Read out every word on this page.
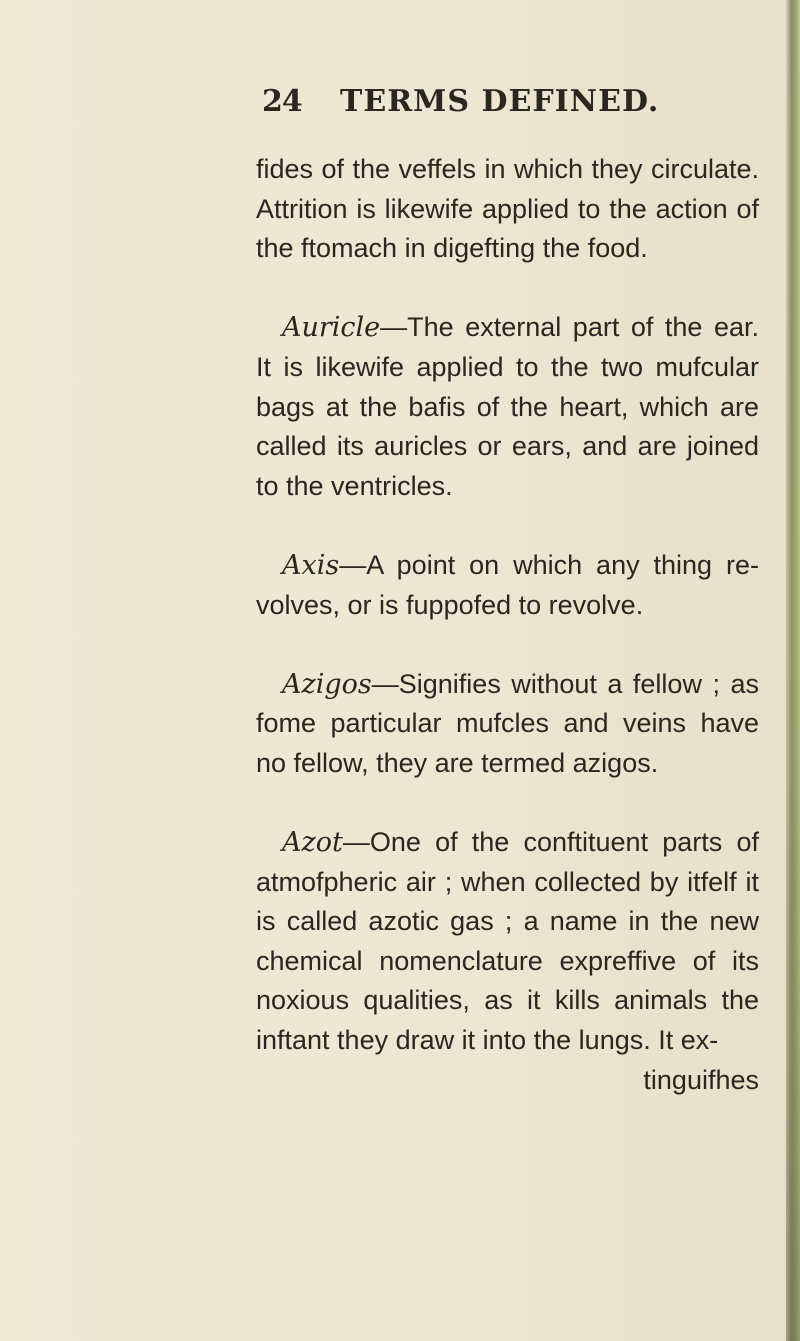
24	TERMS DEFINED.

fides of the veffels in which they circulate. Attrition is likewife applied to the action of the ftomach in digefting the food.

Auricle—The external part of the ear. It is likewife applied to the two mufcular bags at the bafis of the heart, which are called its auricles or ears, and are joined to the ventricles.

Axis—A point on which any thing re-volves, or is fuppofed to revolve.

Azigos—Signifies without a fellow ; as fome particular mufcles and veins have no fellow, they are termed azigos.

Azot—One of the conftituent parts of atmofpheric air ; when collected by itfelf it is called azotic gas ; a name in the new chemical nomenclature expreffive of its noxious qualities, as it kills animals the inftant they draw it into the lungs. It ex-

tinguifhes
